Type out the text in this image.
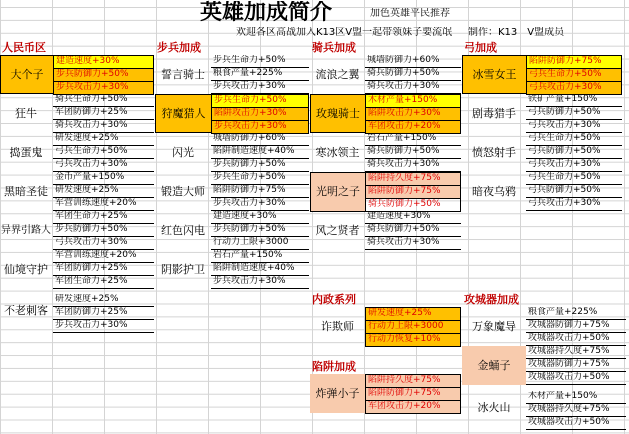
英雄加成简介	加色英雄平民推荐
欢迎各区高战加入K13区V盟一起带领妹子要流氓 制作：K13　V盟成员
人民币区
大个子
建造速度+30%
步兵防御力+50%
步兵攻击力+30%
狂牛
骑兵生命力+50%
军团防御力+25%
骑兵攻击力+30%
捣蛋鬼
研发速度+25%
弓兵生命力+50%
弓兵攻击力+30%
黑暗圣徒
金币产量+150%
研发速度+25%
军营训练速度+20%
异界引路人
军团生命力+25%
步兵防御力+50%
弓兵攻击力+30%
仙境守护
军营训练速度+20%
军团防御力+25%
军团生命力+25%
不老刺客
研发速度+25%
军团防御力+25%
步兵攻击力+30%
步兵加成
誓言骑士
步兵生命力+50%
粮食产量+225%
步兵攻击力+30%
狩魔猎人
步兵生命力+50%
陷阱攻击力+30%
步兵攻击力+30%
闪光
城墙防御力+60%
陷阱制造速度+40%
步兵防御力+50%
锻造大师
步兵生命力+50%
陷阱防御力+75%
步兵攻击力+30%
红色闪电
建造速度+30%
步兵防御力+50%
行动力上限+3000
阴影护卫
岩石产量+150%
陷阱制造速度+40%
步兵攻击力+30%
骑兵加成
流浪之翼
城墙防御力+60%
骑兵防御力+50%
骑兵攻击力+30%
玫瑰骑士
木材产量+150%
陷阱攻击力+30%
军团攻击力+20%
寒冰领主
岩石产量+150%
骑兵防御力+50%
骑兵攻击力+30%
光明之子
陷阱持久度+75%
陷阱防御力+75%
骑兵防御力+50%
风之贤者
建造速度+30%
骑兵防御力+50%
骑兵攻击力+30%
弓加成
冰雪女王
陷阱防御力+75%
弓兵生命力+50%
弓兵攻击力+30%
剧毒猎手
铁矿产量+150%
弓兵防御力+50%
弓兵攻击力+30%
愤怒射手
弓兵生命力+50%
弓兵防御力+50%
弓兵攻击力+30%
暗夜乌鸦
弓兵生命力+50%
弓兵防御力+50%
弓兵攻击力+30%
内政系列
诈欺师
研发速度+25%
行动力上限+3000
行动力恢复+10%
陷阱加成
炸弹小子
陷阱持久度+75%
陷阱防御力+75%
军团攻击力+20%
攻城器加成
万象魔导
粮食产量+225%
攻城器防御力+75%
攻城器攻击力+50%
金蛹子
攻城器持久度+75%
攻城器防御力+75%
攻城器攻击力+50%
冰火山
木材产量+150%
攻城器持久度+75%
攻城器攻击力+50%
